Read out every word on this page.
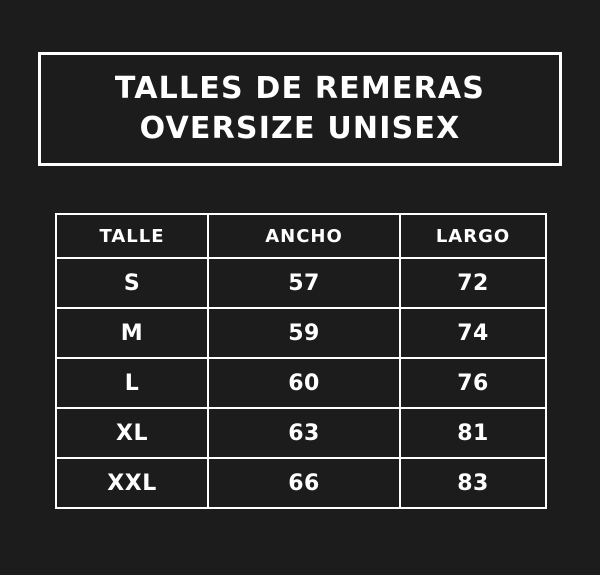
TALLES DE REMERAS
OVERSIZE UNISEX
TALLE	ANCHO	LARGO
S	57	72
M	59	74
L	60	76
XL	63	81
XXL	66	83
